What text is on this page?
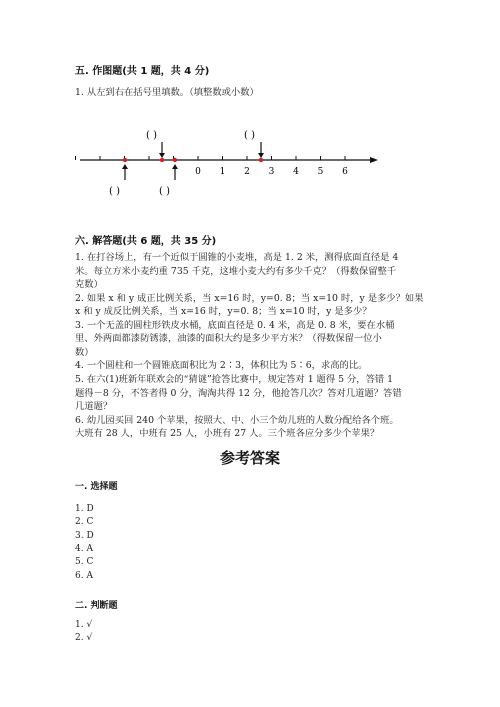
五. 作图题(共 1 题，共 4 分)
1. 从左到右在括号里填数。（填整数或小数）
( )	( )
0 1 2 3 4 5 6
( )	( )
六. 解答题(共 6 题，共 35 分)
1. 在打谷场上，有一个近似于圆锥的小麦堆，高是 1. 2 米，测得底面直径是 4
米。每立方米小麦约重 735 千克，这堆小麦大约有多少千克？（得数保留整千
克数）
2. 如果 x 和 y 成正比例关系，当 x=16 时，y=0. 8；当 x=10 时，y 是多少？如果
x 和 y 成反比例关系，当 x=16 时，y=0. 8；当 x=10 时，y 是多少？
3. 一个无盖的圆柱形铁皮水桶，底面直径是 0. 4 米，高是 0. 8 米，要在水桶
里、外两面都漆防锈漆，油漆的面积大约是多少平方米？（得数保留一位小
数）
4. 一个圆柱和一个圆锥底面积比为 2∶3，体积比为 5∶6，求高的比。
5. 在六(1)班新年联欢会的“猜谜”抢答比赛中，规定答对 1 题得 5 分，答错 1
题得－8 分，不答者得 0 分，淘淘共得 12 分，他抢答几次？答对几道题？答错
几道题？
6. 幼儿园买回 240 个苹果，按照大、中、小三个幼儿班的人数分配给各个班。
大班有 28 人，中班有 25 人，小班有 27 人。三个班各应分多少个苹果？
参考答案
一. 选择题
1. D
2. C
3. D
4. A
5. C
6. A
二. 判断题
1. √
2. √
